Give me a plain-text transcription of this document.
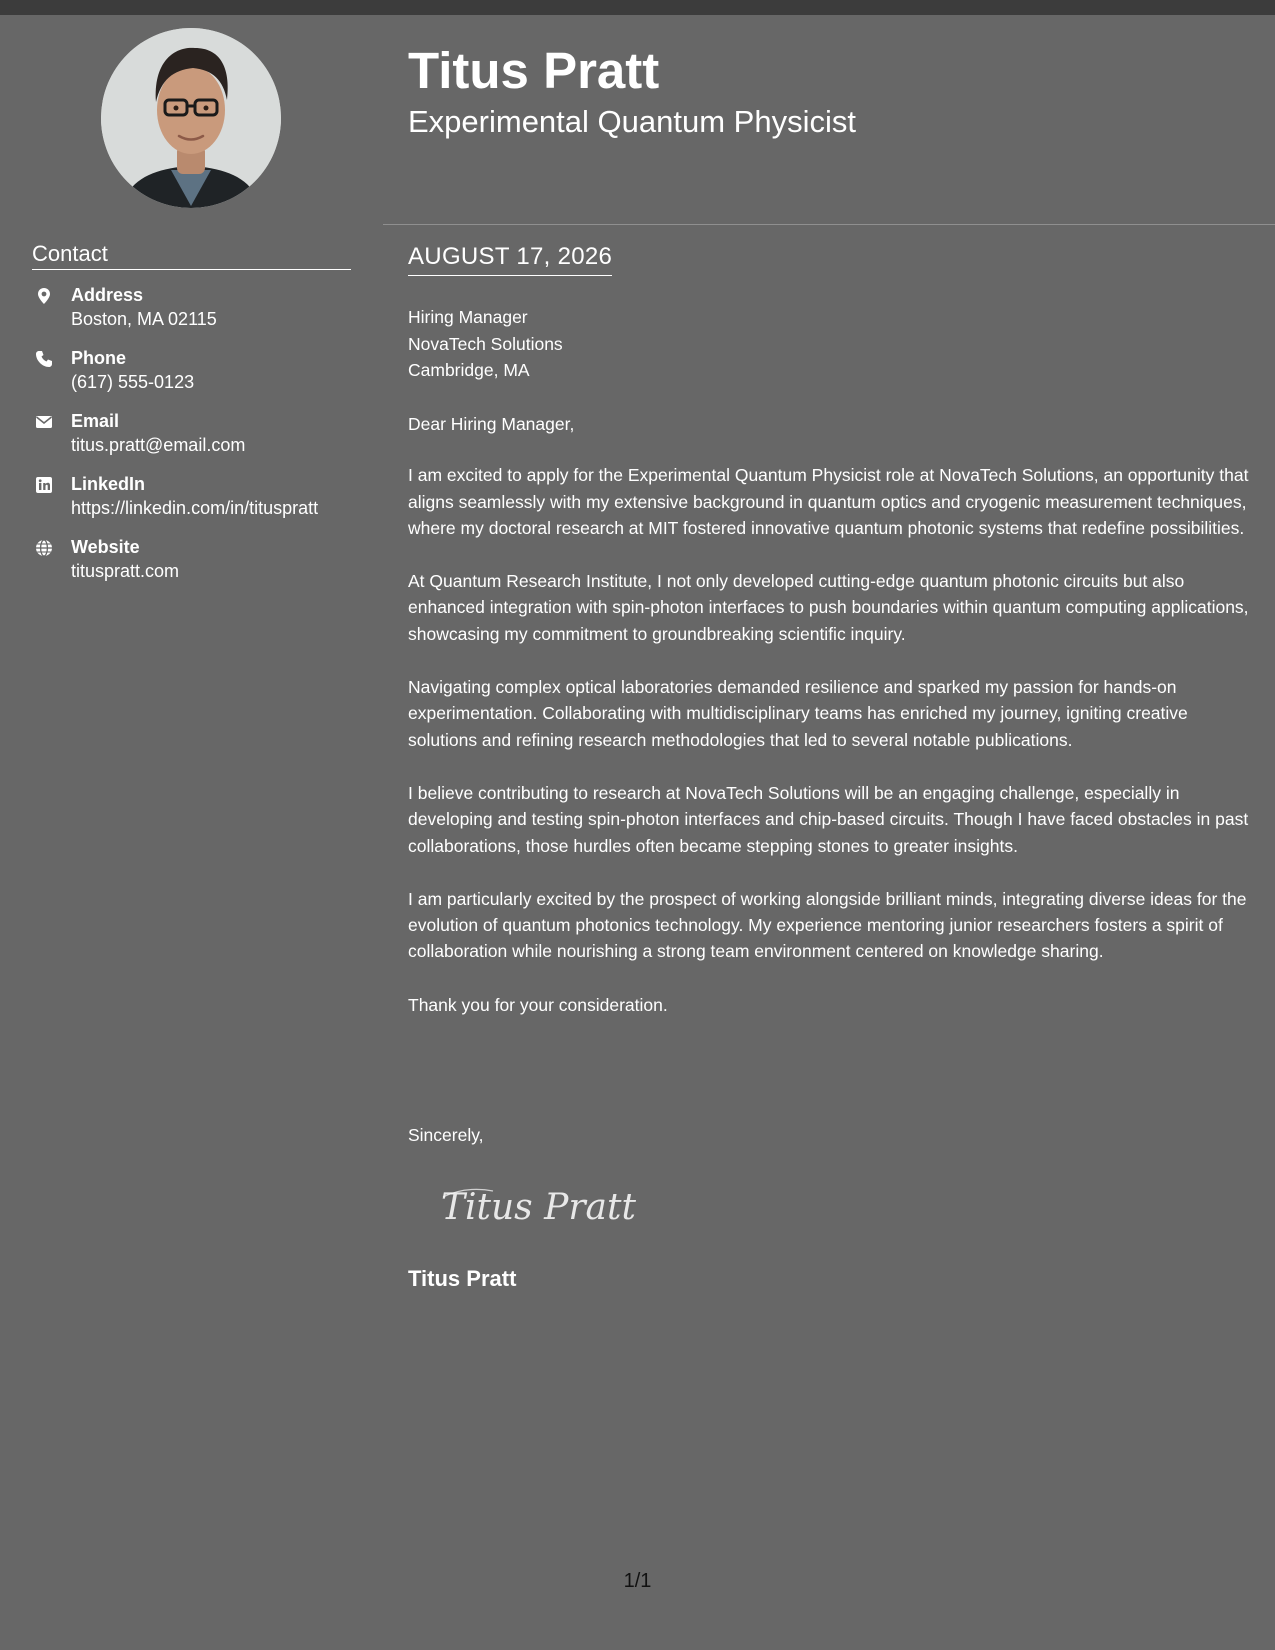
Contact
Address
Boston, MA 02115
Phone
(617) 555-0123
Email
titus.pratt@email.com
LinkedIn
https://linkedin.com/in/tituspratt
Website
tituspratt.com
Titus Pratt
Experimental Quantum Physicist
AUGUST 17, 2026
Hiring Manager
NovaTech Solutions
Cambridge, MA

Dear Hiring Manager,

I am excited to apply for the Experimental Quantum Physicist role at NovaTech Solutions, an opportunity that aligns seamlessly with my extensive background in quantum optics and cryogenic measurement techniques, where my doctoral research at MIT fostered innovative quantum photonic systems that redefine possibilities.

At Quantum Research Institute, I not only developed cutting-edge quantum photonic circuits but also enhanced integration with spin-photon interfaces to push boundaries within quantum computing applications, showcasing my commitment to groundbreaking scientific inquiry.

Navigating complex optical laboratories demanded resilience and sparked my passion for hands-on experimentation. Collaborating with multidisciplinary teams has enriched my journey, igniting creative solutions and refining research methodologies that led to several notable publications.

I believe contributing to research at NovaTech Solutions will be an engaging challenge, especially in developing and testing spin-photon interfaces and chip-based circuits. Though I have faced obstacles in past collaborations, those hurdles often became stepping stones to greater insights.

I am particularly excited by the prospect of working alongside brilliant minds, integrating diverse ideas for the evolution of quantum photonics technology. My experience mentoring junior researchers fosters a spirit of collaboration while nourishing a strong team environment centered on knowledge sharing.

Thank you for your consideration.

Sincerely,
Titus Pratt
Titus Pratt
1/1
